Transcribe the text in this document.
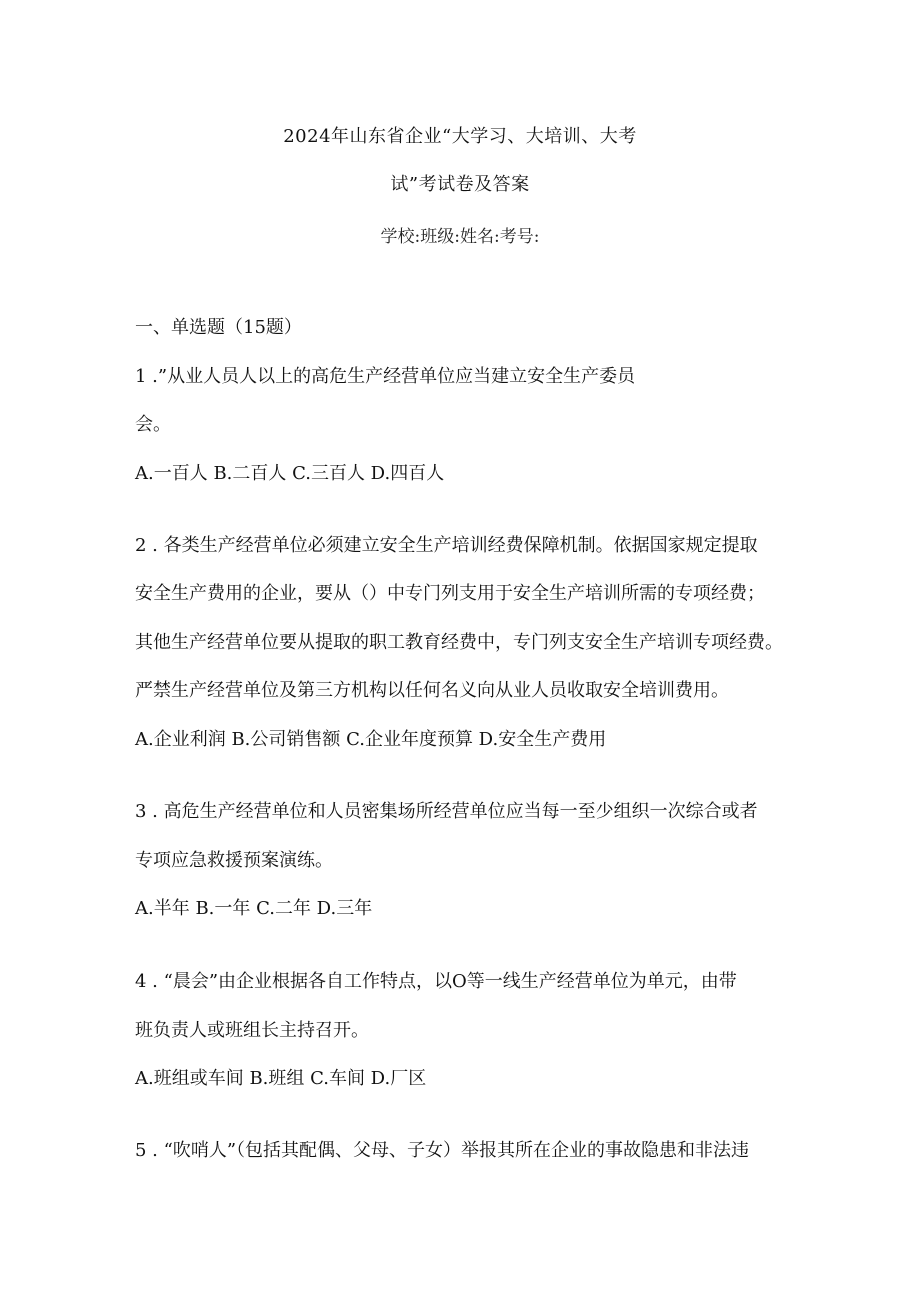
2024年山东省企业“大学习、大培训、大考
试”考试卷及答案
学校:班级:姓名:考号:
一、单选题（15题）
1 .”从业人员人以上的高危生产经营单位应当建立安全生产委员
会。
A.一百人 B.二百人 C.三百人 D.四百人
2 . 各类生产经营单位必须建立安全生产培训经费保障机制。依据国家规定提取
安全生产费用的企业，要从（）中专门列支用于安全生产培训所需的专项经费；
其他生产经营单位要从提取的职工教育经费中，专门列支安全生产培训专项经费。
严禁生产经营单位及第三方机构以任何名义向从业人员收取安全培训费用。
A.企业利润 B.公司销售额 C.企业年度预算 D.安全生产费用
3 . 高危生产经营单位和人员密集场所经营单位应当每一至少组织一次综合或者
专项应急救援预案演练。
A.半年 B.一年 C.二年 D.三年
4 . “晨会”由企业根据各自工作特点，以O等一线生产经营单位为单元，由带
班负责人或班组长主持召开。
A.班组或车间 B.班组 C.车间 D.厂区
5 . “吹哨人”（包括其配偶、父母、子女）举报其所在企业的事故隐患和非法违
